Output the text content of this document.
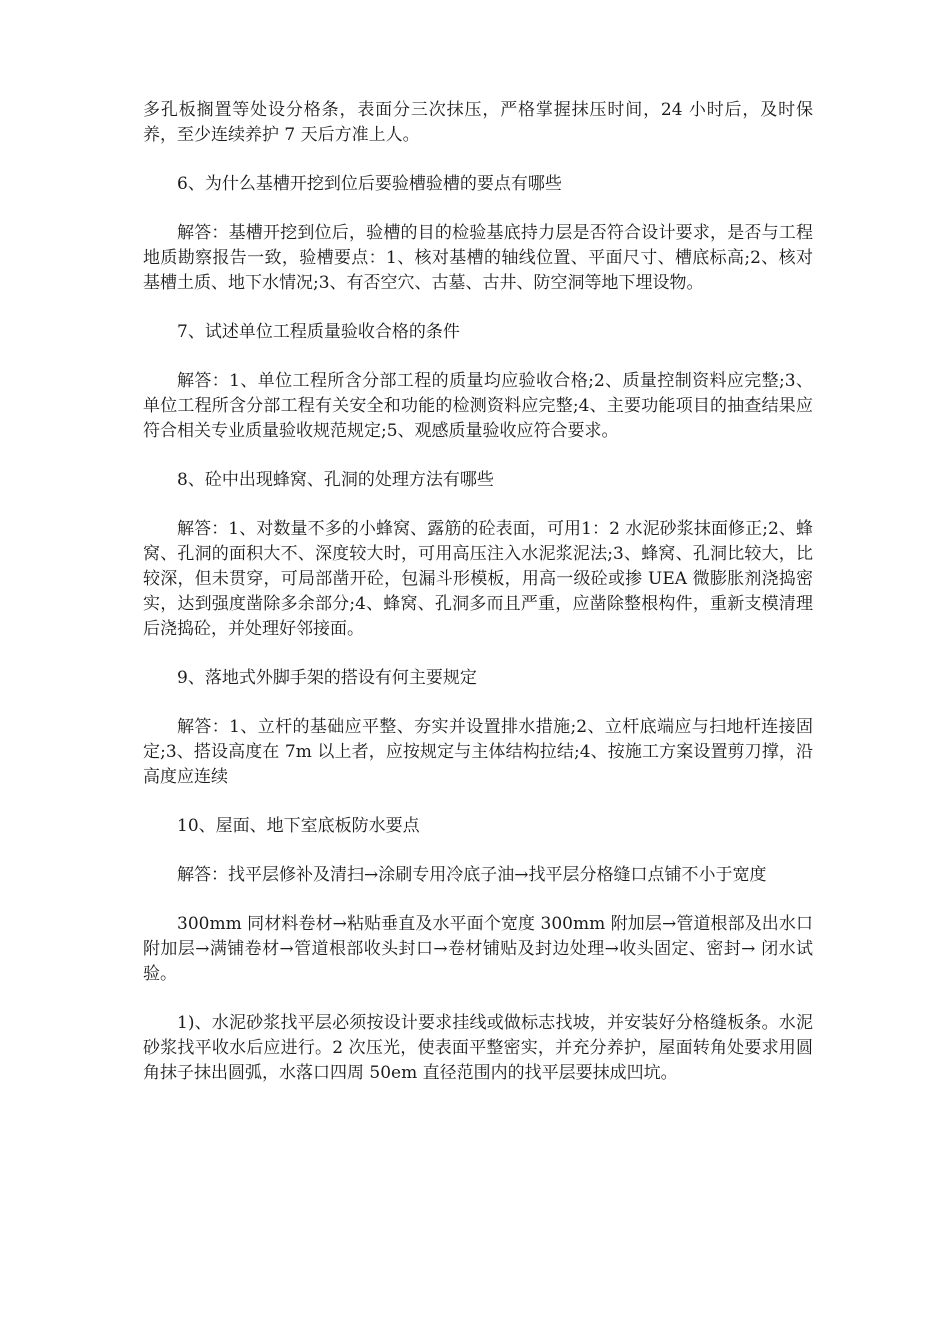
多孔板搁置等处设分格条，表面分三次抹压，严格掌握抹压时间，24 小时后，及时保养，至少连续养护 7 天后方准上人。

6、为什么基槽开挖到位后要验槽验槽的要点有哪些

解答：基槽开挖到位后，验槽的目的检验基底持力层是否符合设计要求，是否与工程地质勘察报告一致，验槽要点：1、核对基槽的轴线位置、平面尺寸、槽底标高;2、核对基槽土质、地下水情况;3、有否空穴、古墓、古井、防空洞等地下埋设物。

7、试述单位工程质量验收合格的条件

解答：1、单位工程所含分部工程的质量均应验收合格;2、质量控制资料应完整;3、单位工程所含分部工程有关安全和功能的检测资料应完整;4、主要功能项目的抽查结果应符合相关专业质量验收规范规定;5、观感质量验收应符合要求。

8、砼中出现蜂窝、孔洞的处理方法有哪些

解答：1、对数量不多的小蜂窝、露筋的砼表面，可用1：2 水泥砂浆抹面修正;2、蜂窝、孔洞的面积大不、深度较大时，可用高压注入水泥浆泥法;3、蜂窝、孔洞比较大，比较深，但未贯穿，可局部凿开砼，包漏斗形模板，用高一级砼或掺 UEA 微膨胀剂浇捣密实，达到强度凿除多余部分;4、蜂窝、孔洞多而且严重，应凿除整根构件，重新支模清理后浇捣砼，并处理好邻接面。

9、落地式外脚手架的搭设有何主要规定

解答：1、立杆的基础应平整、夯实并设置排水措施;2、立杆底端应与扫地杆连接固定;3、搭设高度在 7m 以上者，应按规定与主体结构拉结;4、按施工方案设置剪刀撑，沿高度应连续

10、屋面、地下室底板防水要点

解答：找平层修补及清扫→涂刷专用冷底子油→找平层分格缝口点铺不小于宽度

300mm 同材料卷材→粘贴垂直及水平面个宽度 300mm 附加层→管道根部及出水口附加层→满铺卷材→管道根部收头封口→卷材铺贴及封边处理→收头固定、密封→ 闭水试验。

1)、水泥砂浆找平层必须按设计要求挂线或做标志找坡，并安装好分格缝板条。水泥砂浆找平收水后应进行。2 次压光，使表面平整密实，并充分养护，屋面转角处要求用圆角抹子抹出圆弧，水落口四周 50em 直径范围内的找平层要抹成凹坑。
